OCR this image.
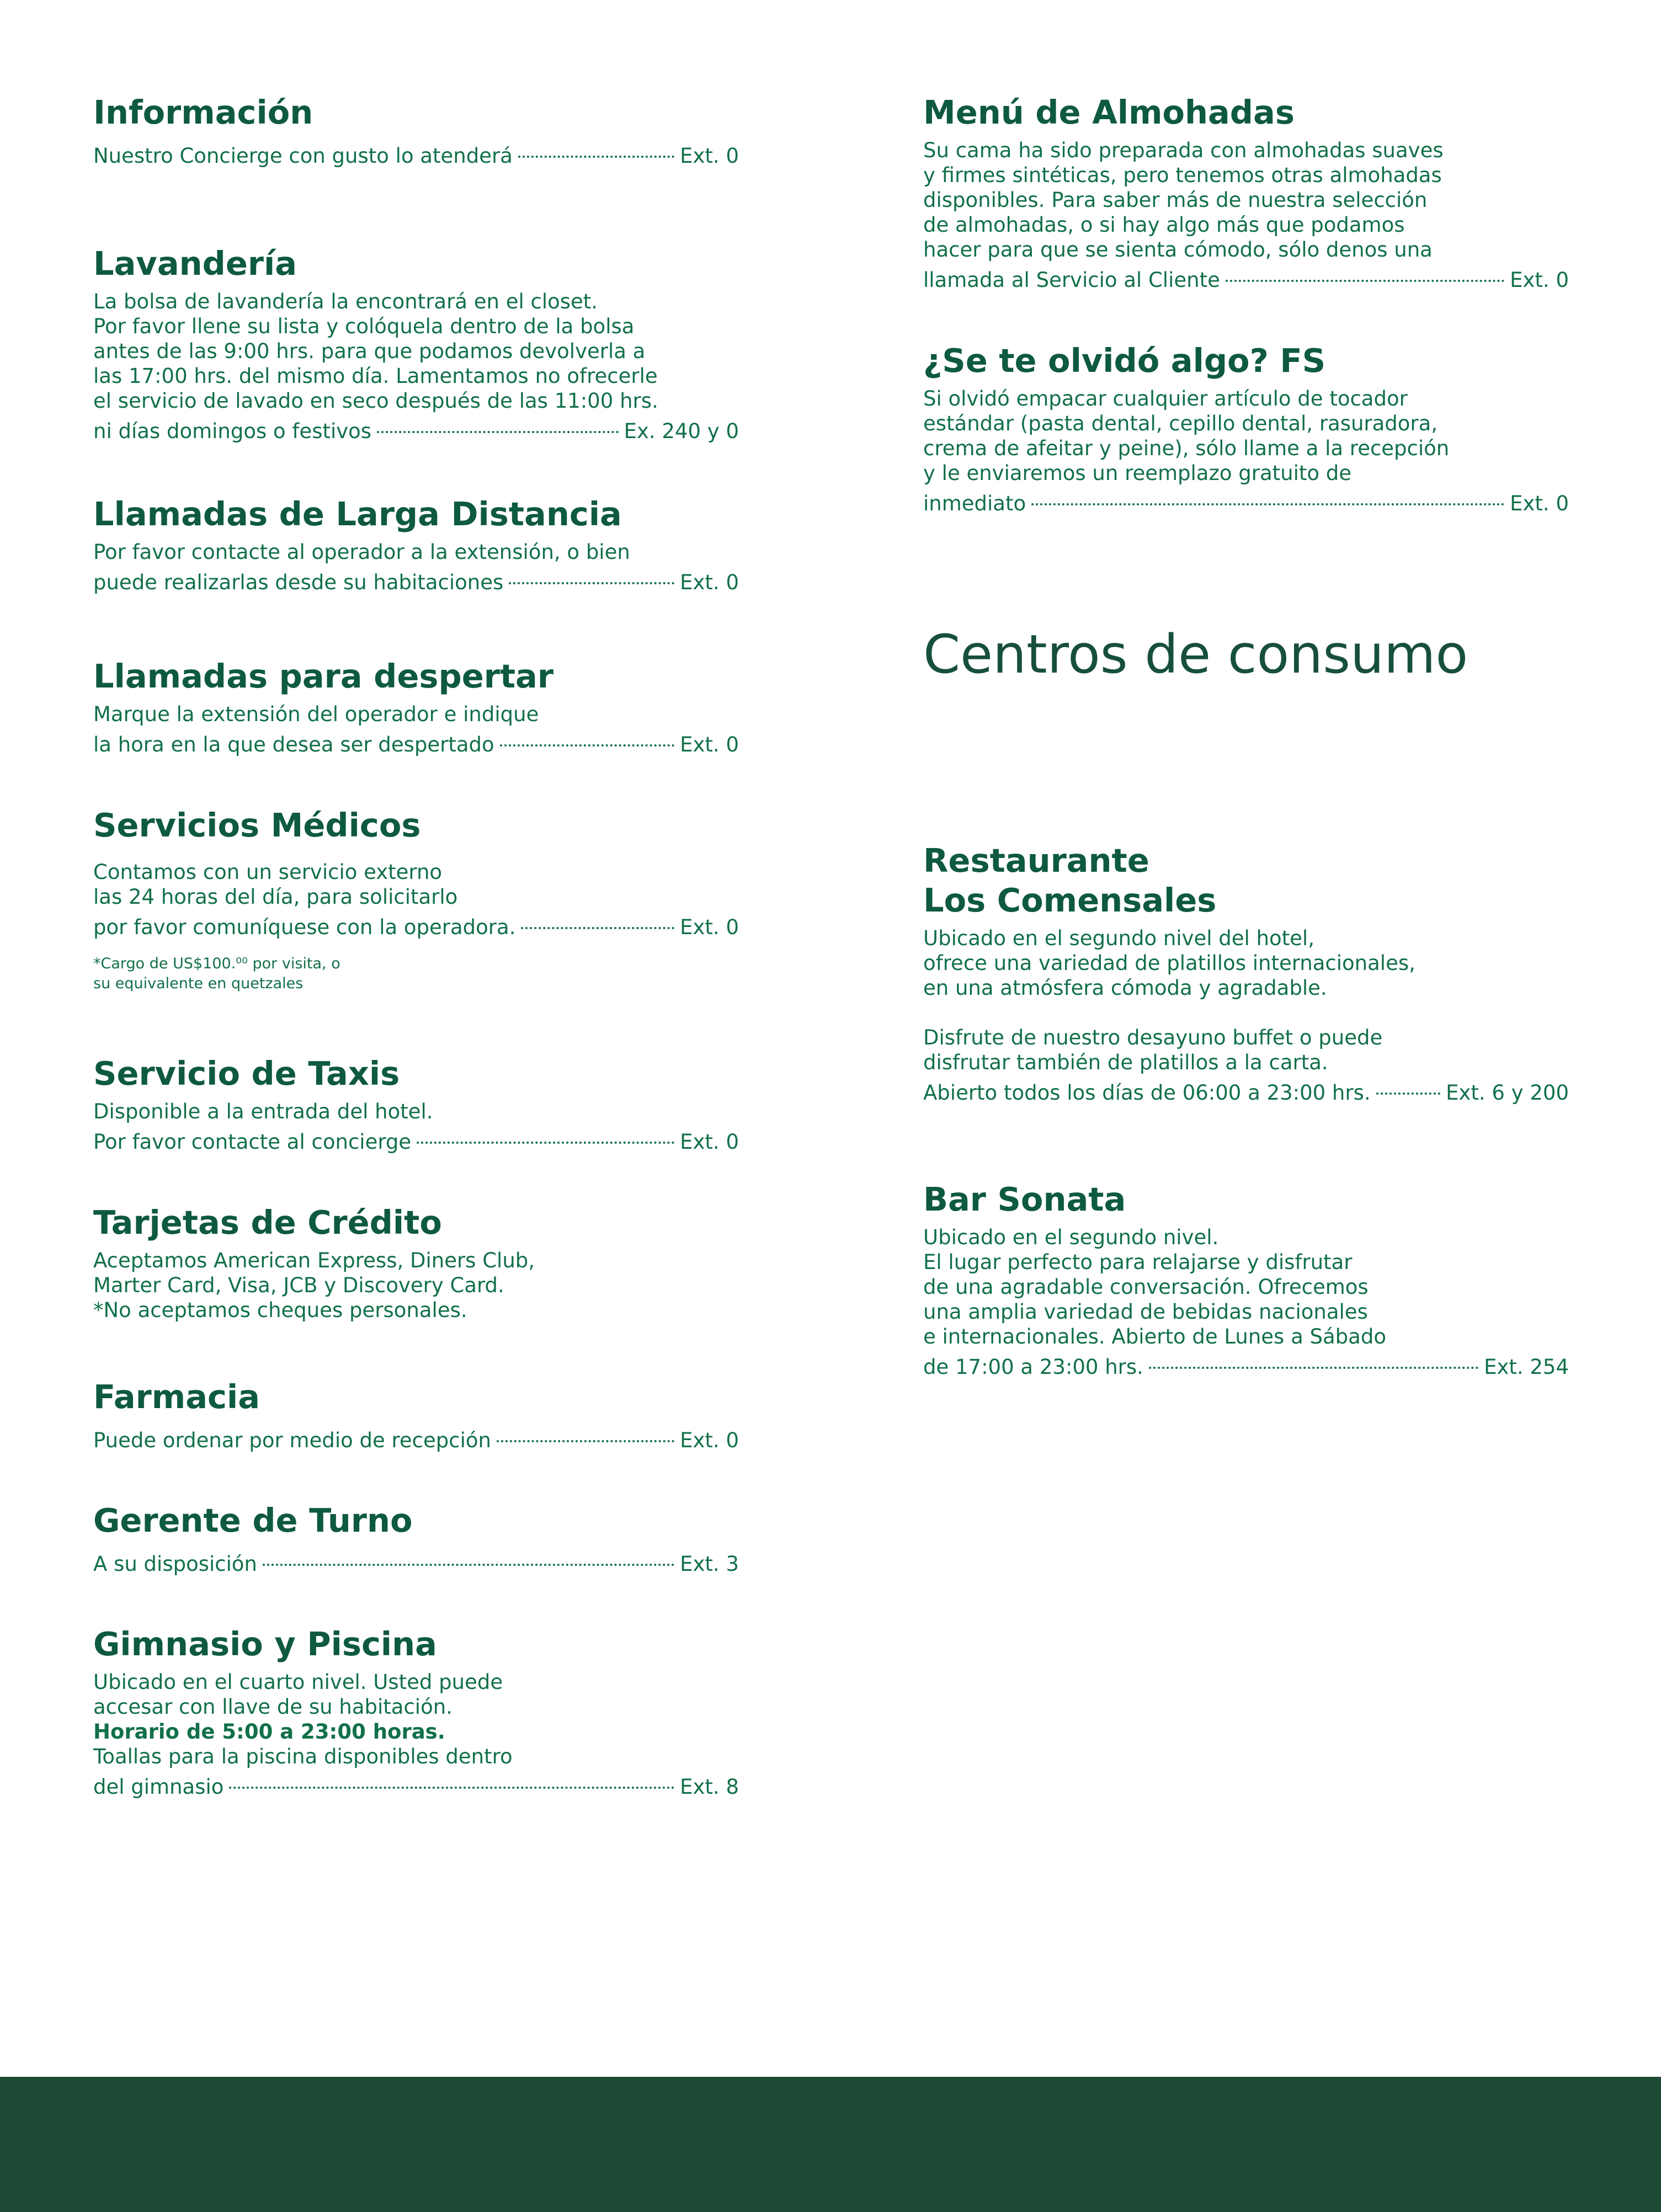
Información
Nuestro Concierge con gusto lo atenderá	Ext. 0
Lavandería
La bolsa de lavandería la encontrará en el closet.
Por favor llene su lista y colóquela dentro de la bolsa
antes de las 9:00 hrs. para que podamos devolverla a
las 17:00 hrs. del mismo día. Lamentamos no ofrecerle
el servicio de lavado en seco después de las 11:00 hrs.
ni días domingos o festivos	Ex. 240 y 0
Llamadas de Larga Distancia
Por favor contacte al operador a la extensión, o bien
puede realizarlas desde su habitaciones	Ext. 0
Llamadas para despertar
Marque la extensión del operador e indique
la hora en la que desea ser despertado	Ext. 0
Servicios Médicos
Contamos con un servicio externo
las 24 horas del día, para solicitarlo
por favor comuníquese con la operadora.	Ext. 0
*Cargo de US$100.⁰⁰ por visita, o
su equivalente en quetzales
Servicio de Taxis
Disponible a la entrada del hotel.
Por favor contacte al concierge	Ext. 0
Tarjetas de Crédito
Aceptamos American Express, Diners Club,
Marter Card, Visa, JCB y Discovery Card.
*No aceptamos cheques personales.
Farmacia
Puede ordenar por medio de recepción	Ext. 0
Gerente de Turno
A su disposición	Ext. 3
Gimnasio y Piscina
Ubicado en el cuarto nivel. Usted puede
accesar con llave de su habitación.
Horario de 5:00 a 23:00 horas.
Toallas para la piscina disponibles dentro
del gimnasio	Ext. 8
Menú de Almohadas
Su cama ha sido preparada con almohadas suaves
y firmes sintéticas, pero tenemos otras almohadas
disponibles. Para saber más de nuestra selección
de almohadas, o si hay algo más que podamos
hacer para que se sienta cómodo, sólo denos una
llamada al Servicio al Cliente	Ext. 0
¿Se te olvidó algo? FS
Si olvidó empacar cualquier artículo de tocador
estándar (pasta dental, cepillo dental, rasuradora,
crema de afeitar y peine), sólo llame a la recepción
y le enviaremos un reemplazo gratuito de
inmediato	Ext. 0
Restaurante
Los Comensales
Ubicado en el segundo nivel del hotel,
ofrece una variedad de platillos internacionales,
en una atmósfera cómoda y agradable.
Disfrute de nuestro desayuno buffet o puede
disfrutar también de platillos a la carta.
Abierto todos los días de 06:00 a 23:00 hrs.	Ext. 6 y 200
Bar Sonata
Ubicado en el segundo nivel.
El lugar perfecto para relajarse y disfrutar
de una agradable conversación. Ofrecemos
una amplia variedad de bebidas nacionales
e internacionales. Abierto de Lunes a Sábado
de 17:00 a 23:00 hrs.	Ext. 254
Centros de consumo
